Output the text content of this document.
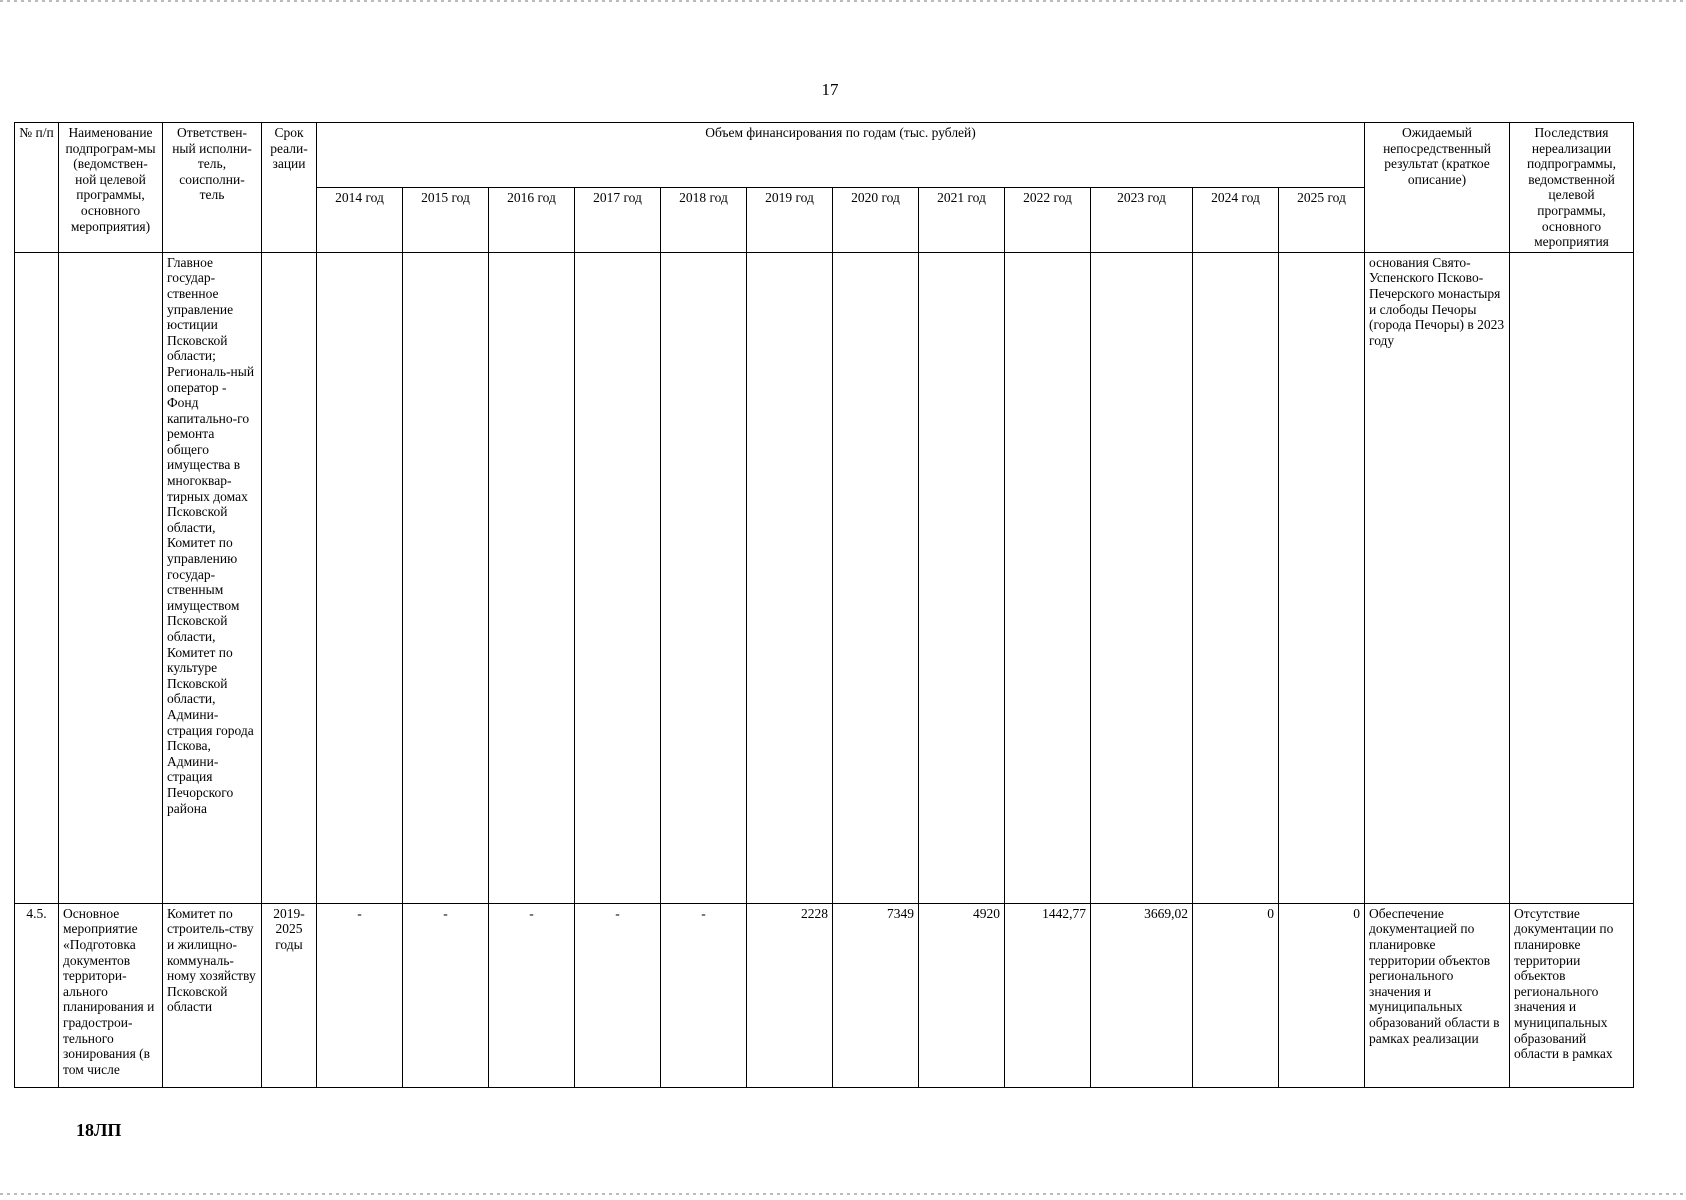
17
№ п/п	Наименование подпрограм-мы (ведомствен-ной целевой программы, основного мероприятия)	Ответствен-ный исполни-тель, соисполни-тель	Срок реали-зации	Объем финансирования по годам (тыс. рублей)												Ожидаемый непосредственный результат (краткое описание)	Последствия нереализации подпрограммы, ведомственной целевой программы, основного мероприятия
				2014 год	2015 год	2016 год	2017 год	2018 год	2019 год	2020 год	2021 год	2022 год	2023 год	2024 год	2025 год		
		Главное государ-ственное управление юстиции Псковской области; Региональ-ный оператор - Фонд капитально-го ремонта общего имущества в многоквар-тирных домах Псковской области, Комитет по управлению государ-ственным имуществом Псковской области, Комитет по культуре Псковской области, Админи-страция города Пскова, Админи-страция Печорского района														основания Свято-Успенского Псково-Печерского монастыря и слободы Печоры (города Печоры) в 2023 году	
4.5.	Основное мероприятие «Подготовка документов территори-ального планирования и градострои-тельного зонирования (в том числе	Комитет по строитель-ству и жилищно-коммуналь-ному хозяйству Псковской области	2019-2025 годы	-	-	-	-	-	2228	7349	4920	1442,77	3669,02	0	0	Обеспечение документацией по планировке территории объектов регионального значения и муниципальных образований области в рамках реализации	Отсутствие документации по планировке территории объектов регионального значения и муниципальных образований области в рамках
18ЛП
